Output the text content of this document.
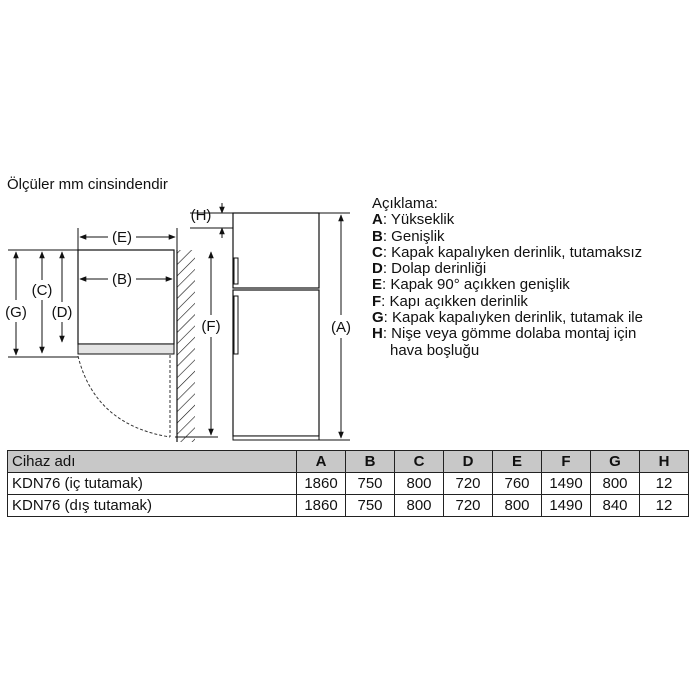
Ölçüler mm cinsindendir
(E)
(B)
(G)
(C)
(D)
(F)
(H)
(A)
Açıklama:
A: Yükseklik
B: Genişlik
C: Kapak kapalıyken derinlik, tutamaksız
D: Dolap derinliği
E: Kapak 90° açıkken genişlik
F: Kapı açıkken derinlik
G: Kapak kapalıyken derinlik, tutamak ile
H: Nişe veya gömme dolaba montaj için
hava boşluğu
Cihaz adı	A	B	C	D	E	F	G	H
KDN76 (iç tutamak)	1860	750	800	720	760	1490	800	12
KDN76 (dış tutamak)	1860	750	800	720	800	1490	840	12
